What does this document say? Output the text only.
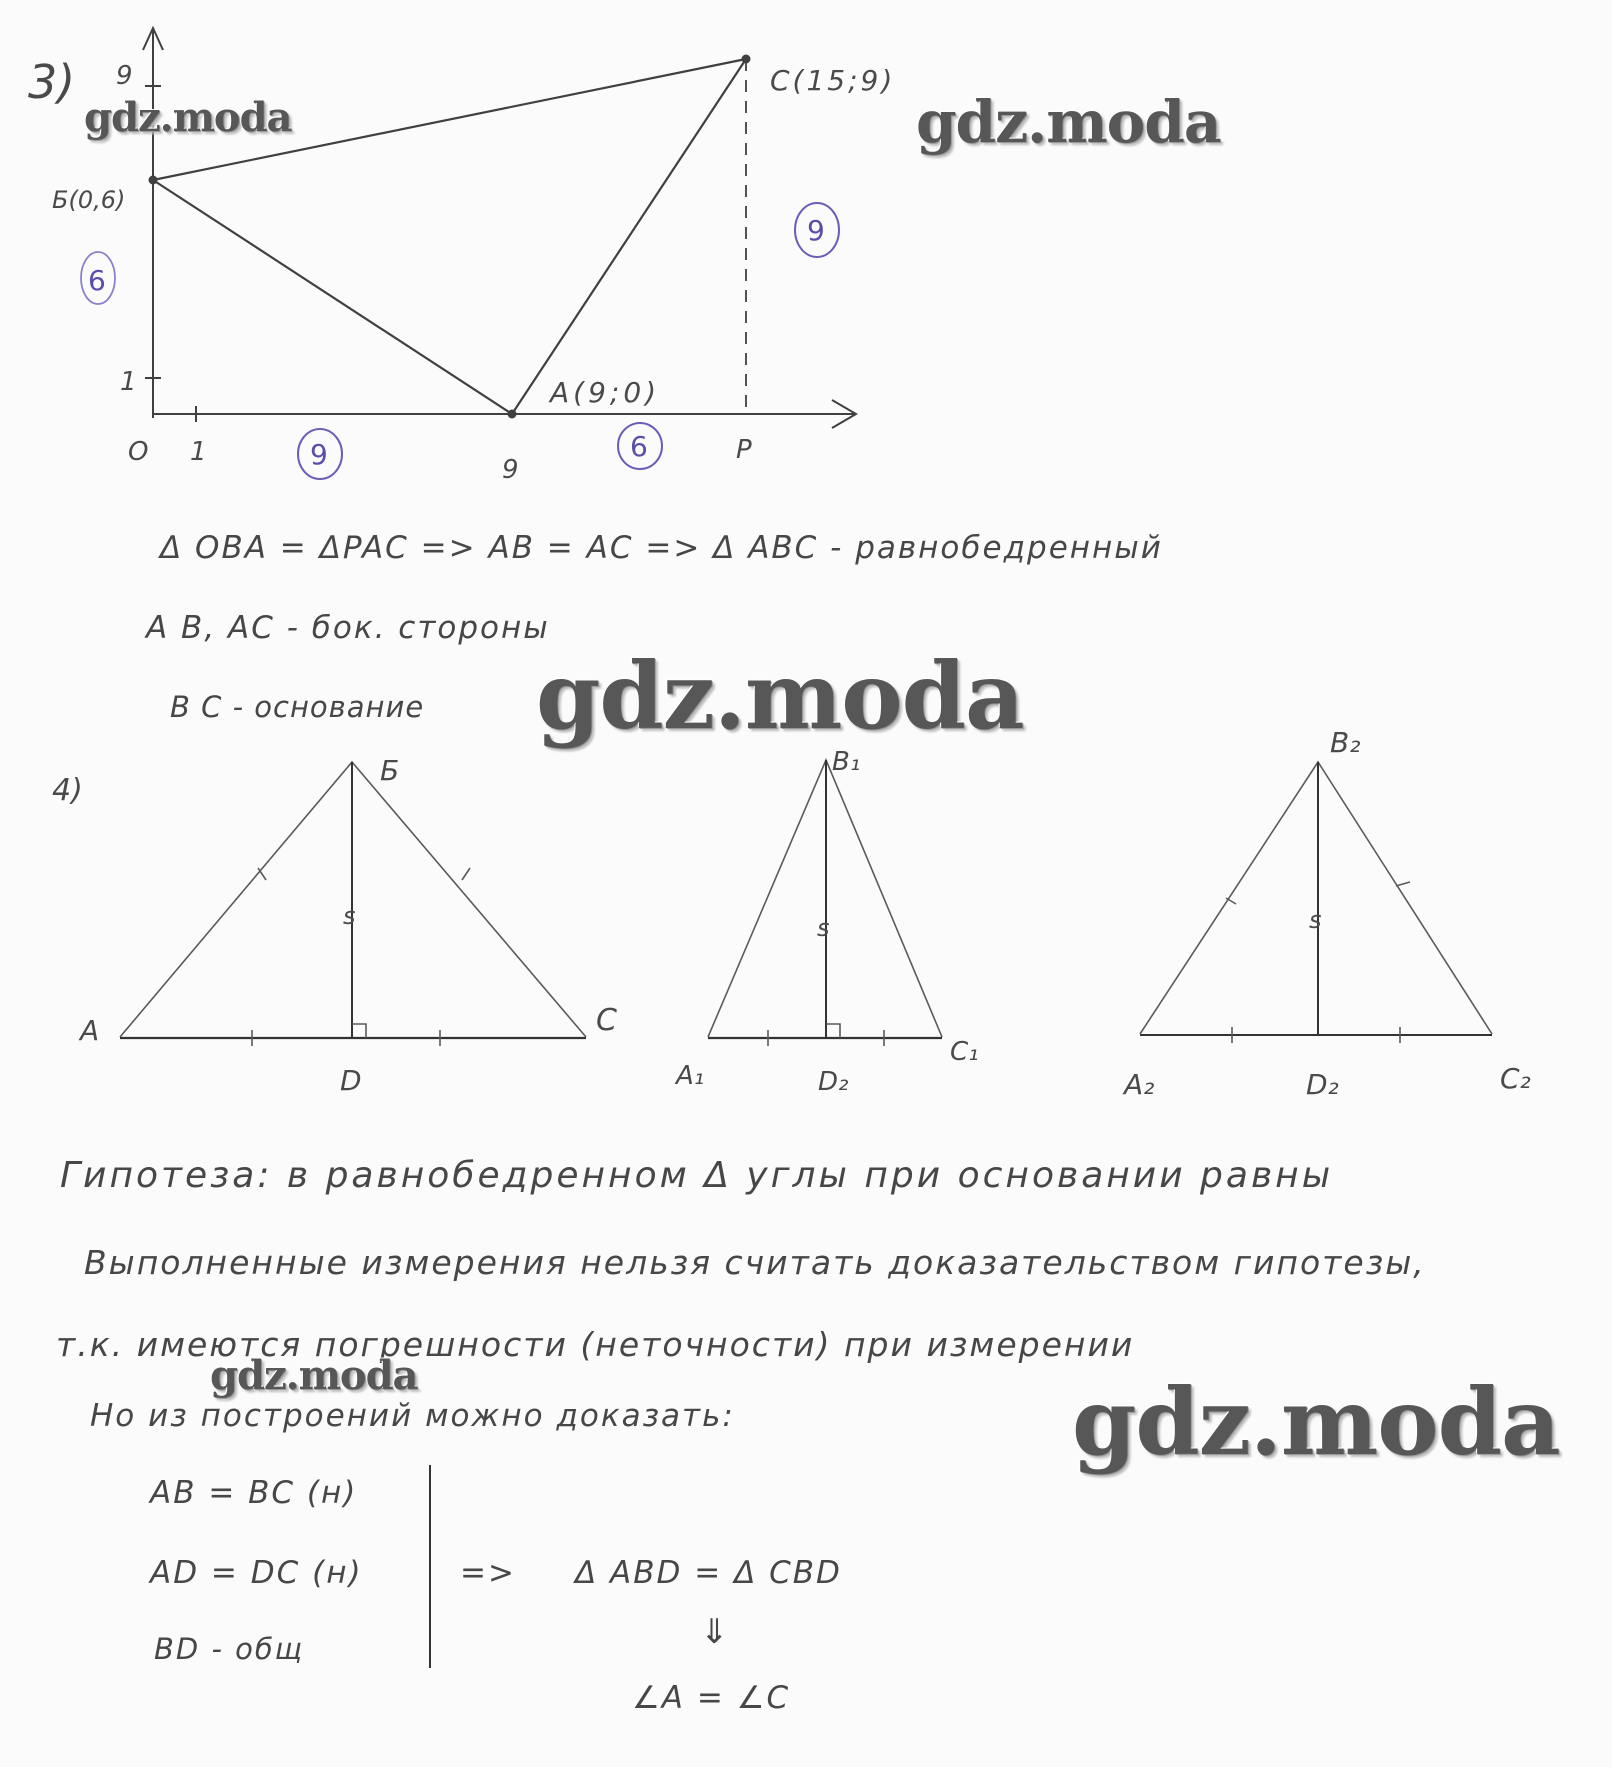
3) 9
1
O 1
9
P
Б(0,6)
A(9;0)
C(15;9)
6
9	6
9
4)
A
Б
C
D	A₁
B₁
C₁
D₂	A₂
B₂
C₂
D₂
s	s	s
Δ OBA = ΔPAC => AB = AC => Δ ABC - равнобедренный
A B, AC - бок. стороны
B C - основание
Гипотеза: в равнобедренном Δ углы при основании равны
Выполненные измерения нельзя считать доказательством гипотезы,
т.к. имеются погрешности (неточности) при измерении
Но из построений можно доказать:
AB = BC (н)
AD = DC (н)
BD - общ
=> Δ ABD = Δ CBD
⇓
∠A = ∠C
gdz.moda	gdz.moda
gdz.moda
gdz.moda	gdz.moda
